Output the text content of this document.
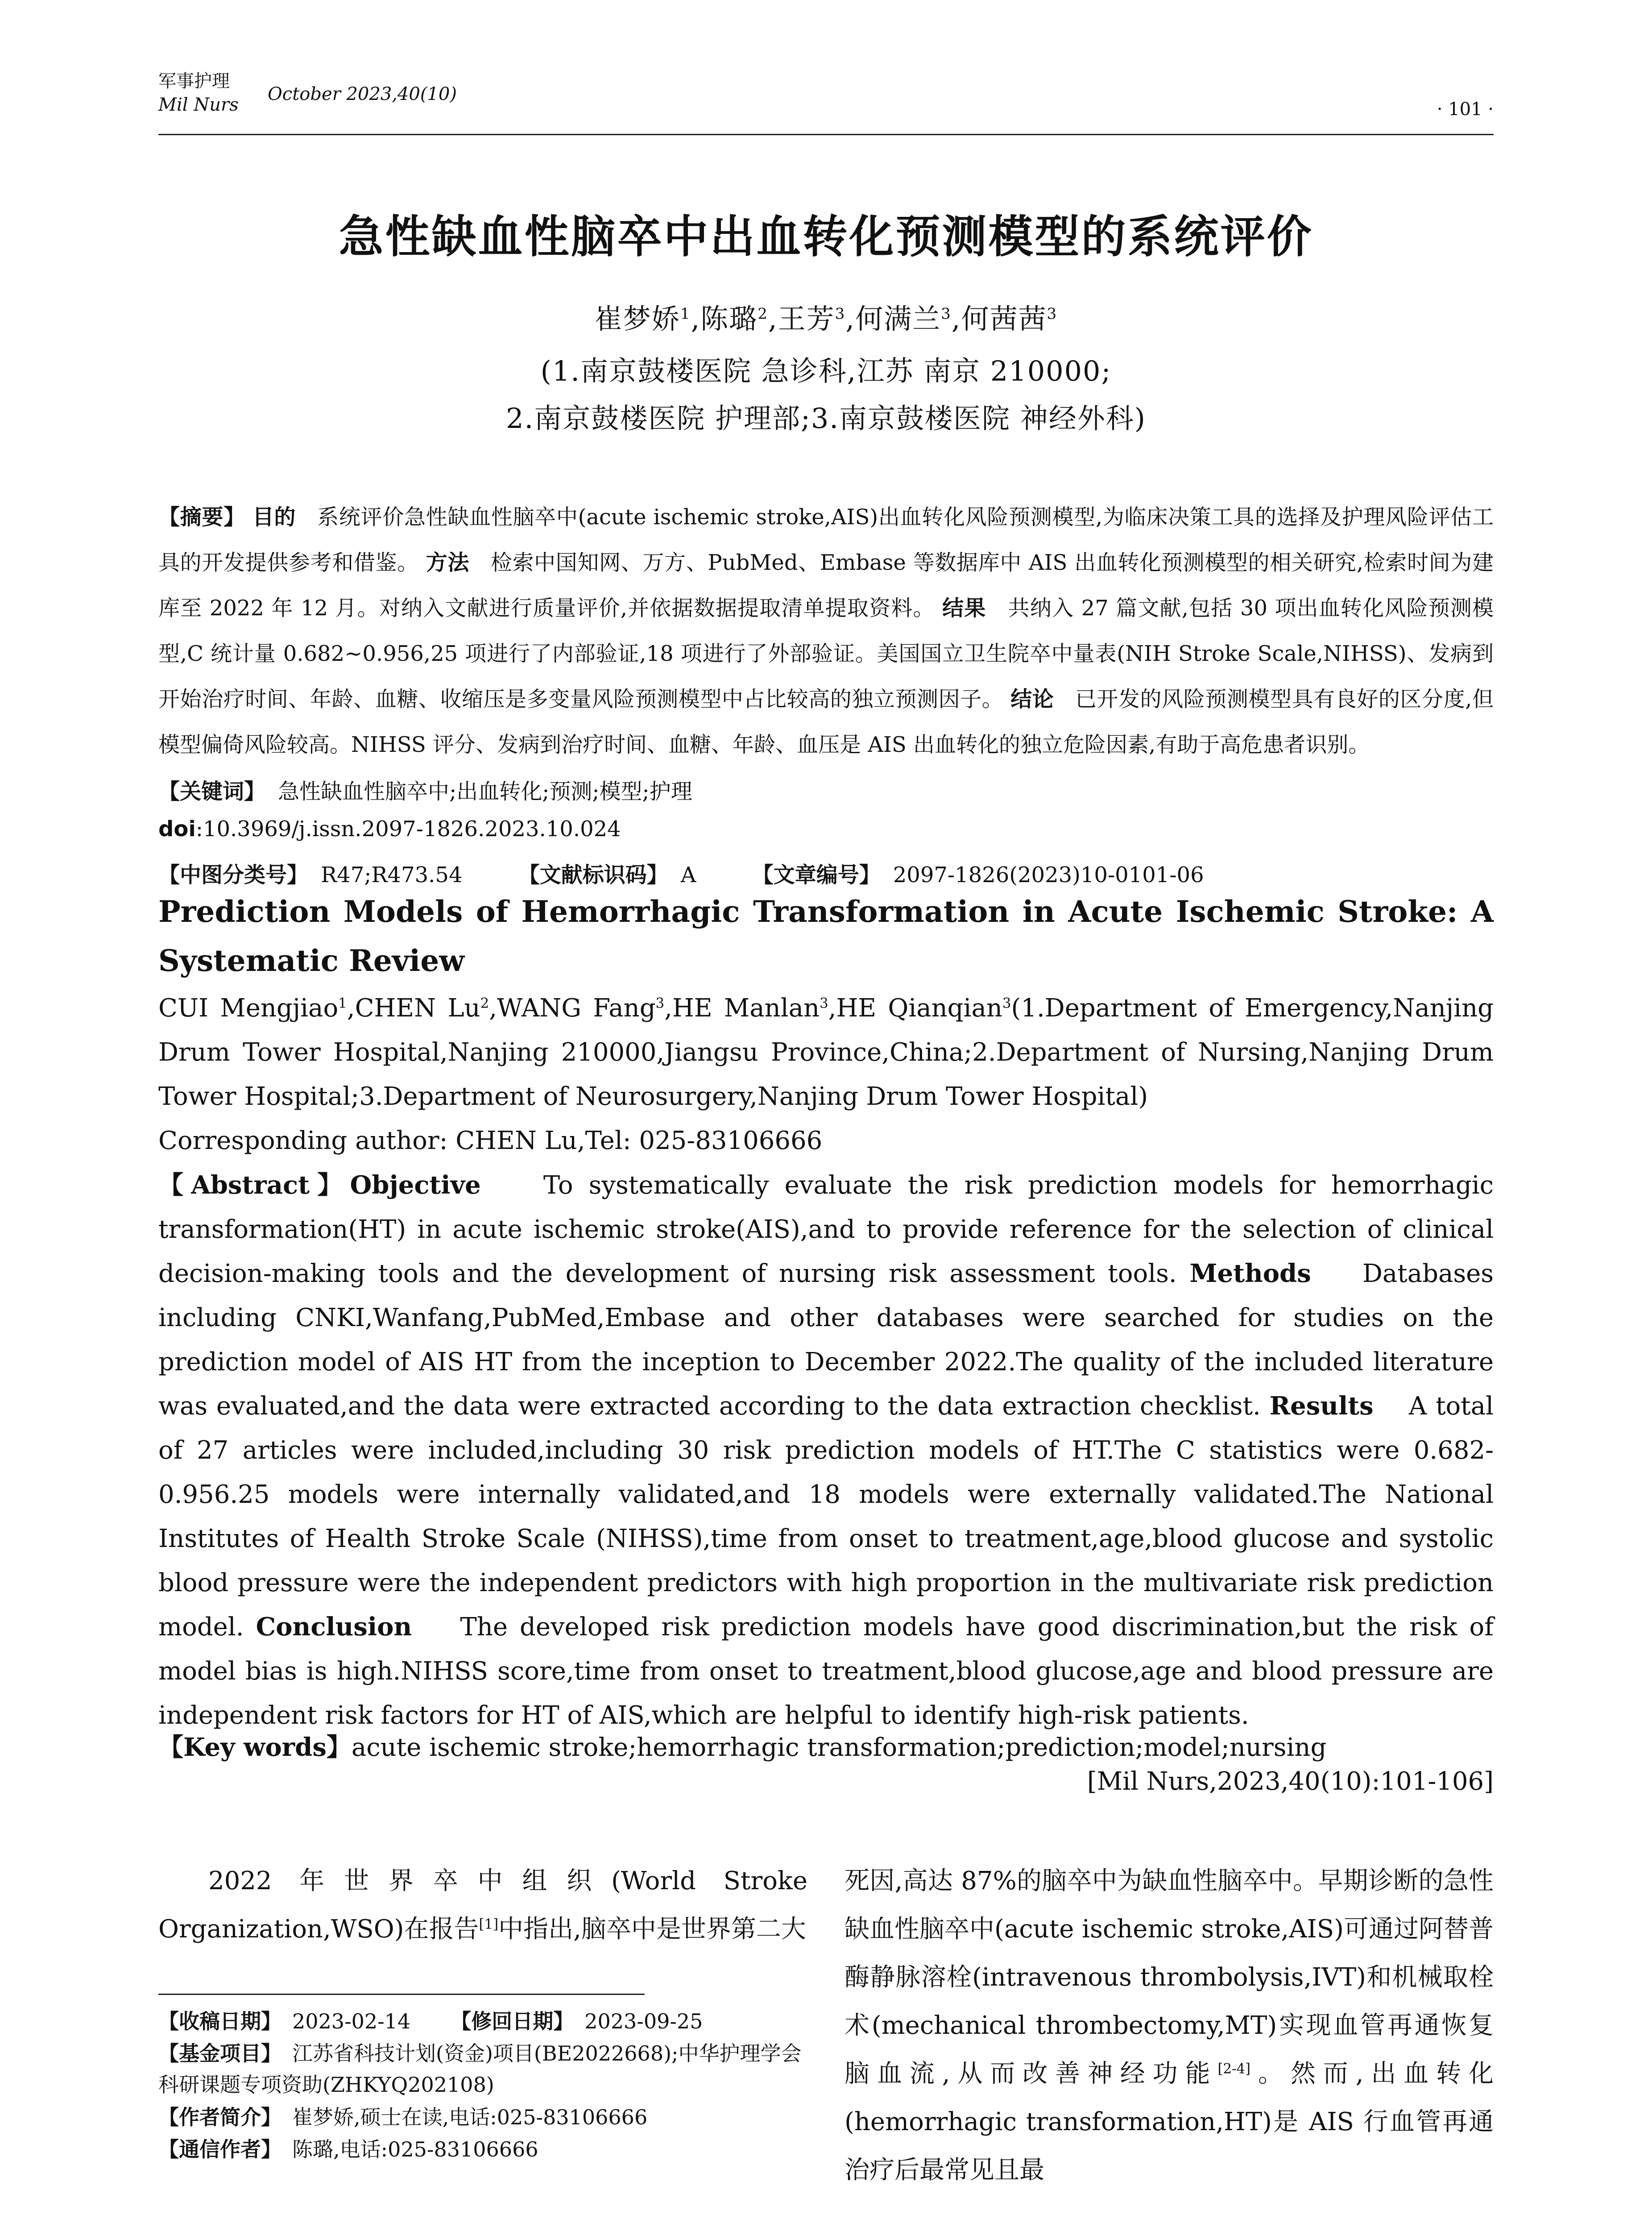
军事护理
Mil Nurs
October 2023,40(10)
· 101 ·
急性缺血性脑卒中出血转化预测模型的系统评价
崔梦娇$^1$,陈璐$^2$,王芳$^3$,何满兰$^3$,何茜茜$^3$
(1.南京鼓楼医院 急诊科,江苏 南京 210000;
2.南京鼓楼医院 护理部;3.南京鼓楼医院 神经外科)
【摘要】 目的 系统评价急性缺血性脑卒中(acute ischemic stroke,AIS)出血转化风险预测模型,为临床决策工具的选择及护理风险评估工具的开发提供参考和借鉴。 方法 检索中国知网、万方、PubMed、Embase 等数据库中 AIS 出血转化预测模型的相关研究,检索时间为建库至 2022 年 12 月。对纳入文献进行质量评价,并依据数据提取清单提取资料。 结果 共纳入 27 篇文献,包括 30 项出血转化风险预测模型,C 统计量 0.682~0.956,25 项进行了内部验证,18 项进行了外部验证。美国国立卫生院卒中量表(NIH Stroke Scale,NIHSS)、发病到开始治疗时间、年龄、血糖、收缩压是多变量风险预测模型中占比较高的独立预测因子。 结论 已开发的风险预测模型具有良好的区分度,但模型偏倚风险较高。NIHSS 评分、发病到治疗时间、血糖、年龄、血压是 AIS 出血转化的独立危险因素,有助于高危患者识别。
【关键词】 急性缺血性脑卒中;出血转化;预测;模型;护理
doi:10.3969/j.issn.2097-1826.2023.10.024
【中图分类号】 R47;R473.54	【文献标识码】 A	【文章编号】 2097-1826(2023)10-0101-06
Prediction Models of Hemorrhagic Transformation in Acute Ischemic Stroke: A Systematic Review
CUI Mengjiao$^1$,CHEN Lu$^2$,WANG Fang$^3$,HE Manlan$^3$,HE Qianqian$^3$(1.Department of Emergency,Nanjing Drum Tower Hospital,Nanjing 210000,Jiangsu Province,China;2.Department of Nursing,Nanjing Drum Tower Hospital;3.Department of Neurosurgery,Nanjing Drum Tower Hospital)
Corresponding author: CHEN Lu,Tel: 025-83106666
【Abstract】Objective	To systematically evaluate the risk prediction models for hemorrhagic transformation(HT) in acute ischemic stroke(AIS),and to provide reference for the selection of clinical decision-making tools and the development of nursing risk assessment tools. Methods Databases including CNKI,Wanfang,PubMed,Embase and other databases were searched for studies on the prediction model of AIS HT from the inception to December 2022.The quality of the included literature was evaluated,and the data were extracted according to the data extraction checklist. Results A total of 27 articles were included,including 30 risk prediction models of HT.The C statistics were 0.682-0.956.25 models were internally validated,and 18 models were externally validated.The National Institutes of Health Stroke Scale (NIHSS),time from onset to treatment,age,blood glucose and systolic blood pressure were the independent predictors with high proportion in the multivariate risk prediction model. Conclusion The developed risk prediction models have good discrimination,but the risk of model bias is high.NIHSS score,time from onset to treatment,blood glucose,age and blood pressure are independent risk factors for HT of AIS,which are helpful to identify high-risk patients.
【Key words】acute ischemic stroke;hemorrhagic transformation;prediction;model;nursing
[Mil Nurs,2023,40(10):101-106]
2022 年世界卒中组织(World Stroke Organization,WSO)在报告[1]中指出,脑卒中是世界第二大
死因,高达 87%的脑卒中为缺血性脑卒中。早期诊断的急性缺血性脑卒中(acute ischemic stroke,AIS)可通过阿替普酶静脉溶栓(intravenous thrombolysis,IVT)和机械取栓术(mechanical thrombectomy,MT)实现血管再通恢复脑血流,从而改善神经功能[2-4]。然而,出血转化(hemorrhagic transformation,HT)是 AIS 行血管再通治疗后最常见且最
【收稿日期】 2023-02-14 【修回日期】 2023-09-25
【基金项目】 江苏省科技计划(资金)项目(BE2022668);中华护理学会科研课题专项资助(ZHKYQ202108)
【作者简介】 崔梦娇,硕士在读,电话:025-83106666
【通信作者】 陈璐,电话:025-83106666
